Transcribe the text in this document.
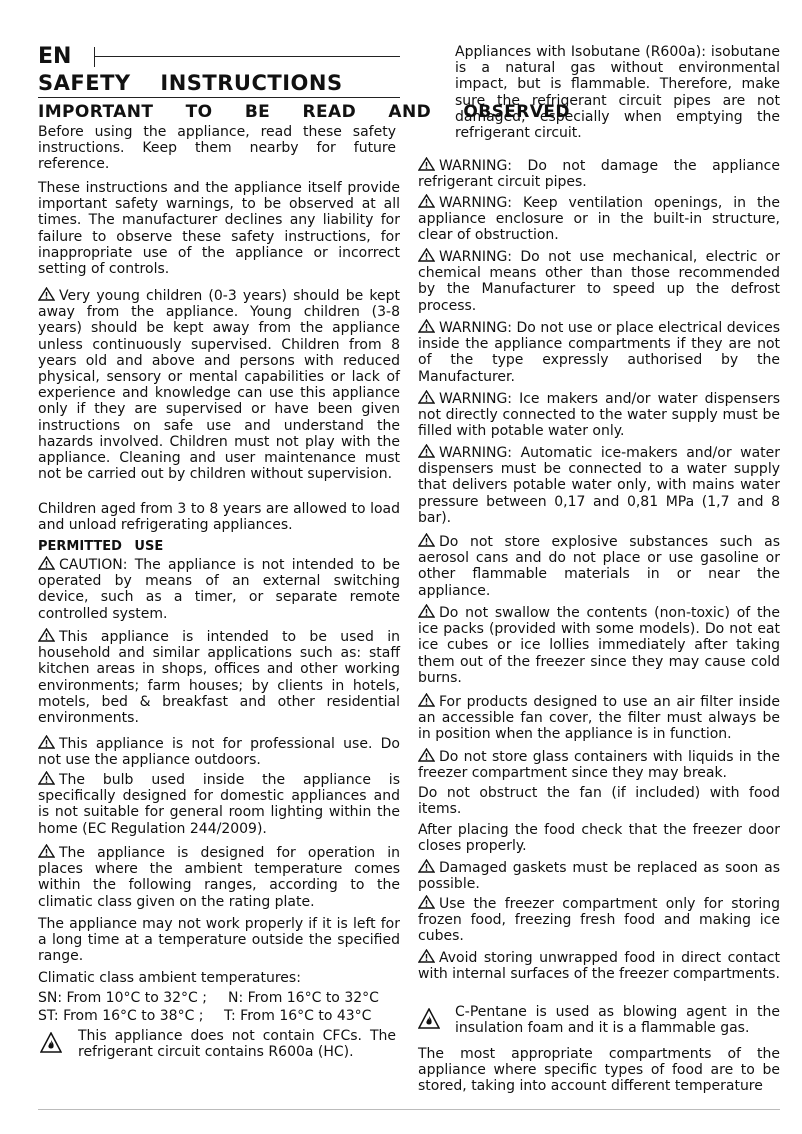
EN
SAFETY INSTRUCTIONS
IMPORTANT TO BE READ AND OBSERVED

Before using the appliance, read these safety instructions. Keep them nearby for future reference.

These instructions and the appliance itself provide important safety warnings, to be observed at all times. The manufacturer declines any liability for failure to observe these safety instructions, for inappropriate use of the appliance or incorrect setting of controls.

Very young children (0-3 years) should be kept away from the appliance. Young children (3-8 years) should be kept away from the appliance unless continuously supervised. Children from 8 years old and above and persons with reduced physical, sensory or mental capabilities or lack of experience and knowledge can use this appliance only if they are supervised or have been given instructions on safe use and understand the hazards involved. Children must not play with the appliance. Cleaning and user maintenance must not be carried out by children without supervision.

Children aged from 3 to 8 years are allowed to load and unload refrigerating appliances.

PERMITTED USE

CAUTION: The appliance is not intended to be operated by means of an external switching device, such as a timer, or separate remote controlled system.

This appliance is intended to be used in household and similar applications such as: staff kitchen areas in shops, offices and other working environments; farm houses; by clients in hotels, motels, bed & breakfast and other residential environments.

This appliance is not for professional use. Do not use the appliance outdoors.

The bulb used inside the appliance is specifically designed for domestic appliances and is not suitable for general room lighting within the home (EC Regulation 244/2009).

The appliance is designed for operation in places where the ambient temperature comes within the following ranges, according to the climatic class given on the rating plate.

The appliance may not work properly if it is left for a long time at a temperature outside the specified range.

Climatic class ambient temperatures:

SN: From 10°C to 32°C ; N: From 16°C to 32°C
ST: From 16°C to 38°C ; T: From 16°C to 43°C

This appliance does not contain CFCs. The refrigerant circuit contains R600a (HC).

Appliances with Isobutane (R600a): isobutane is a natural gas without environmental impact, but is flammable. Therefore, make sure the refrigerant circuit pipes are not damaged, especially when emptying the refrigerant circuit.

WARNING: Do not damage the appliance refrigerant circuit pipes.

WARNING: Keep ventilation openings, in the appliance enclosure or in the built-in structure, clear of obstruction.

WARNING: Do not use mechanical, electric or chemical means other than those recommended by the Manufacturer to speed up the defrost process.

WARNING: Do not use or place electrical devices inside the appliance compartments if they are not of the type expressly authorised by the Manufacturer.

WARNING: Ice makers and/or water dispensers not directly connected to the water supply must be filled with potable water only.

WARNING: Automatic ice-makers and/or water dispensers must be connected to a water supply that delivers potable water only, with mains water pressure between 0,17 and 0,81 MPa (1,7 and 8 bar).

Do not store explosive substances such as aerosol cans and do not place or use gasoline or other flammable materials in or near the appliance.

Do not swallow the contents (non-toxic) of the ice packs (provided with some models). Do not eat ice cubes or ice lollies immediately after taking them out of the freezer since they may cause cold burns.

For products designed to use an air filter inside an accessible fan cover, the filter must always be in position when the appliance is in function.

Do not store glass containers with liquids in the freezer compartment since they may break.

Do not obstruct the fan (if included) with food items.

After placing the food check that the freezer door closes properly.

Damaged gaskets must be replaced as soon as possible.

Use the freezer compartment only for storing frozen food, freezing fresh food and making ice cubes.

Avoid storing unwrapped food in direct contact with internal surfaces of the freezer compartments.

C-Pentane is used as blowing agent in the insulation foam and it is a flammable gas.

The most appropriate compartments of the appliance where specific types of food are to be stored, taking into account different temperature
